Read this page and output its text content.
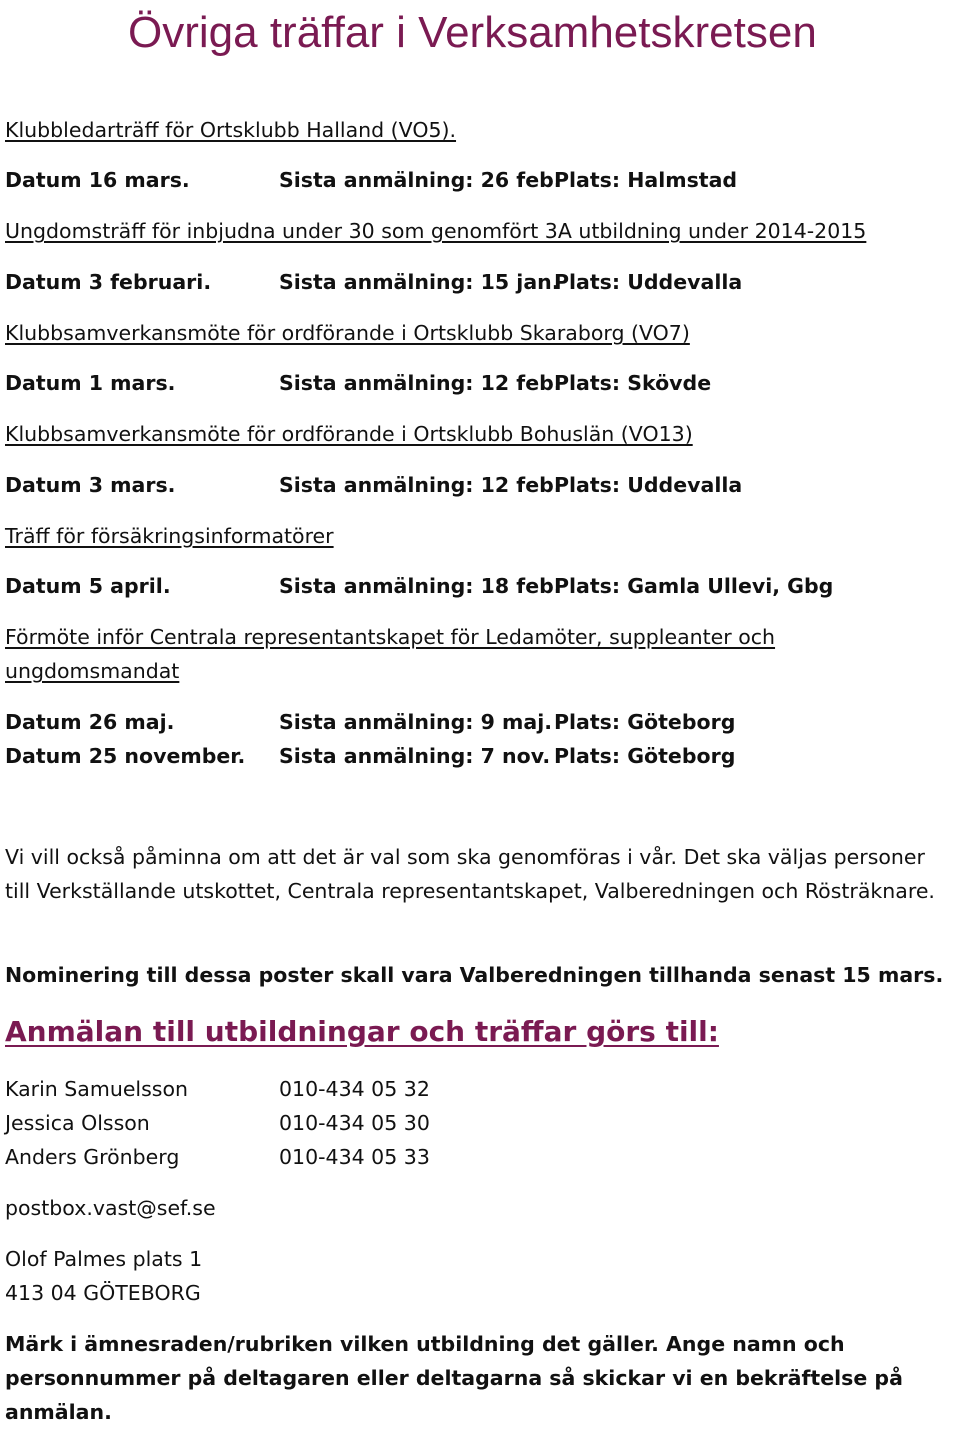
Övriga träffar i Verksamhetskretsen
Klubbledarträff för Ortsklubb Halland (VO5).
Datum 16 mars.	Sista anmälning: 26 feb.
Plats: Halmstad
Ungdomsträff för inbjudna under 30 som genomfört 3A utbildning under 2014-2015
Datum 3 februari.	Sista anmälning: 15 jan.
Plats: Uddevalla
Klubbsamverkansmöte för ordförande i Ortsklubb Skaraborg (VO7)
Datum 1 mars.	Sista anmälning: 12 feb.
Plats: Skövde
Klubbsamverkansmöte för ordförande i Ortsklubb Bohuslän (VO13)
Datum 3 mars.	Sista anmälning: 12 feb.
Plats: Uddevalla
Träff för försäkringsinformatörer
Datum 5 april.	Sista anmälning: 18 feb.
Plats: Gamla Ullevi, Gbg
Förmöte inför Centrala representantskapet för Ledamöter, suppleanter och ungdomsmandat
Datum 26 maj.	Sista anmälning: 9 maj. Plats: Göteborg
Datum 25 november. Sista anmälning: 7 nov. Plats: Göteborg
Vi vill också påminna om att det är val som ska genomföras i vår. Det ska väljas personer till Verkställande utskottet, Centrala representantskapet, Valberedningen och Rösträknare.
Nominering till dessa poster skall vara Valberedningen tillhanda senast 15 mars.
Anmälan till utbildningar och träffar görs till:
Karin Samuelsson	010-434 05 32
Jessica Olsson	010-434 05 30
Anders Grönberg	010-434 05 33
postbox.vast@sef.se
Olof Palmes plats 1
413 04 GÖTEBORG
Märk i ämnesraden/rubriken vilken utbildning det gäller. Ange namn och personnummer på deltagaren eller deltagarna så skickar vi en bekräftelse på anmälan.
